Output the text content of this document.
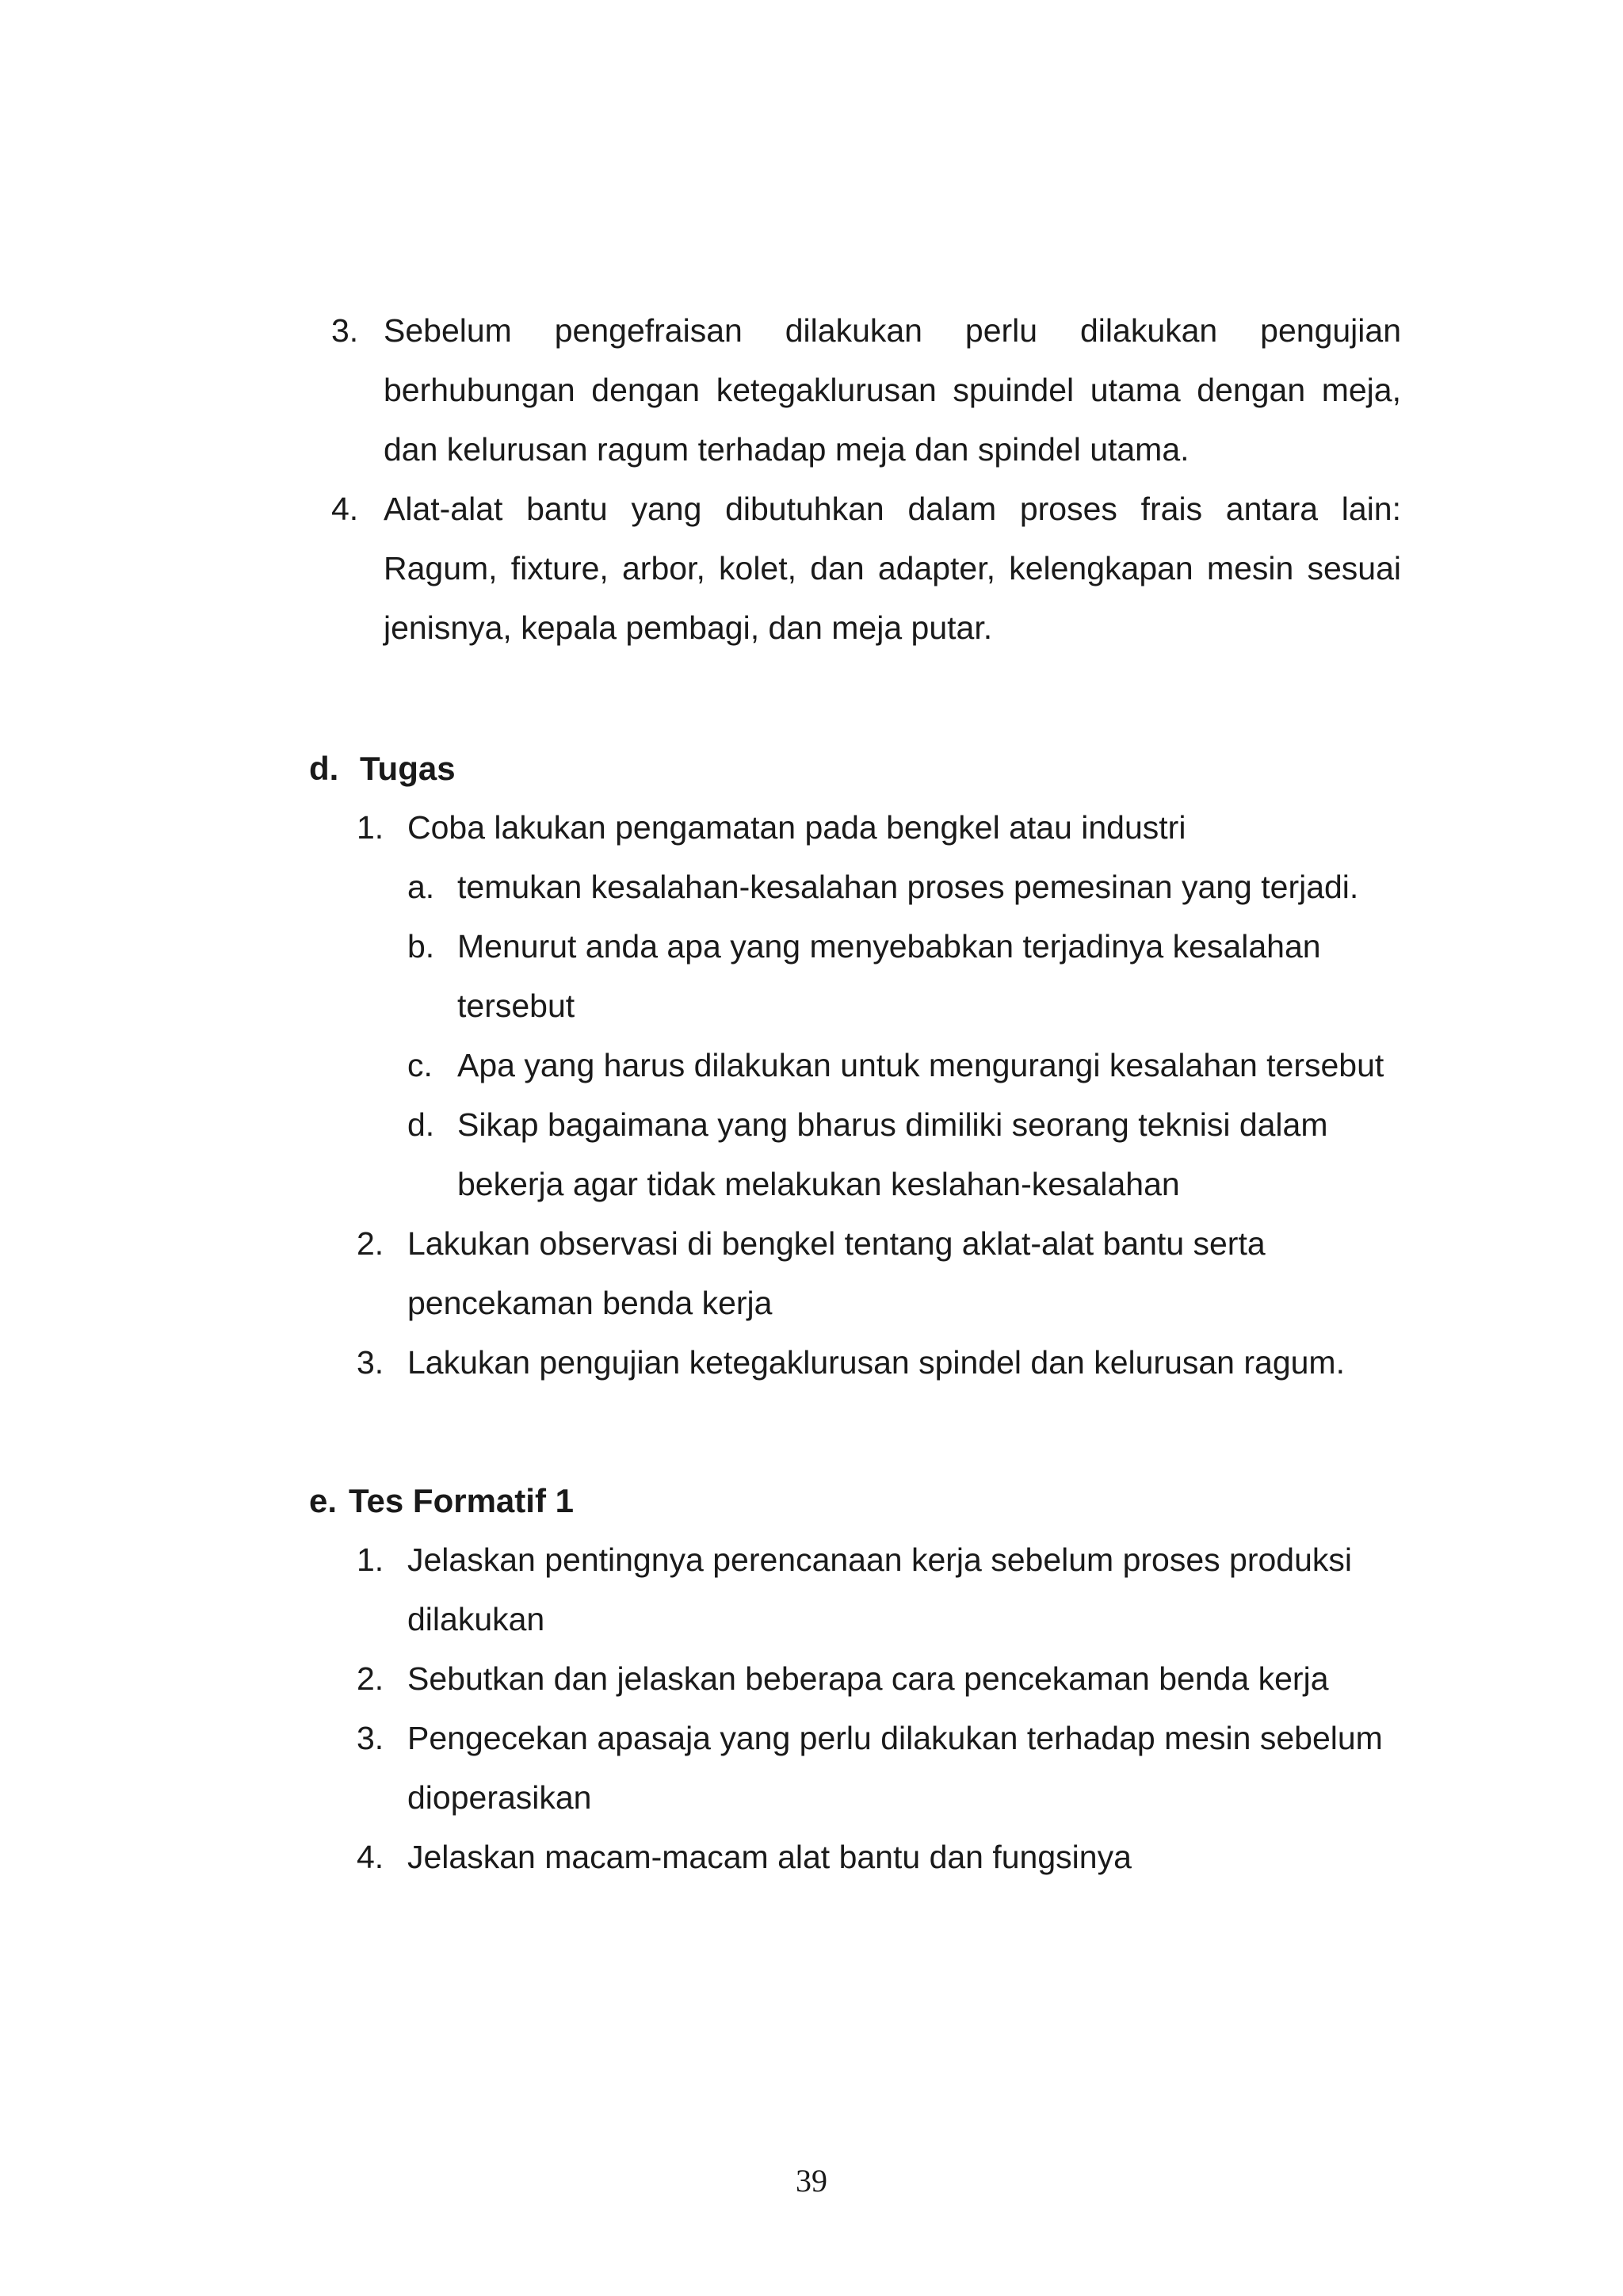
3. Sebelum pengefraisan dilakukan perlu dilakukan pengujian berhubungan dengan ketegaklurusan spuindel utama dengan meja, dan kelurusan ragum terhadap meja dan spindel utama.
4. Alat-alat bantu yang dibutuhkan dalam proses frais antara lain: Ragum, fixture, arbor, kolet, dan adapter, kelengkapan mesin sesuai jenisnya, kepala pembagi, dan meja putar.
d. Tugas
1. Coba lakukan pengamatan pada bengkel atau industri
a. temukan kesalahan-kesalahan proses pemesinan yang terjadi.
b. Menurut anda apa yang menyebabkan terjadinya kesalahan tersebut
c. Apa yang harus dilakukan untuk mengurangi kesalahan tersebut
d. Sikap bagaimana yang bharus dimiliki seorang teknisi dalam bekerja agar tidak melakukan keslahan-kesalahan
2. Lakukan observasi di bengkel tentang aklat-alat bantu serta pencekaman benda kerja
3. Lakukan pengujian ketegaklurusan spindel dan kelurusan ragum.
e. Tes Formatif 1
1. Jelaskan pentingnya perencanaan kerja sebelum proses produksi dilakukan
2. Sebutkan dan jelaskan beberapa cara pencekaman benda kerja
3. Pengecekan apasaja yang perlu dilakukan terhadap mesin sebelum dioperasikan
4. Jelaskan macam-macam alat bantu dan fungsinya
39
